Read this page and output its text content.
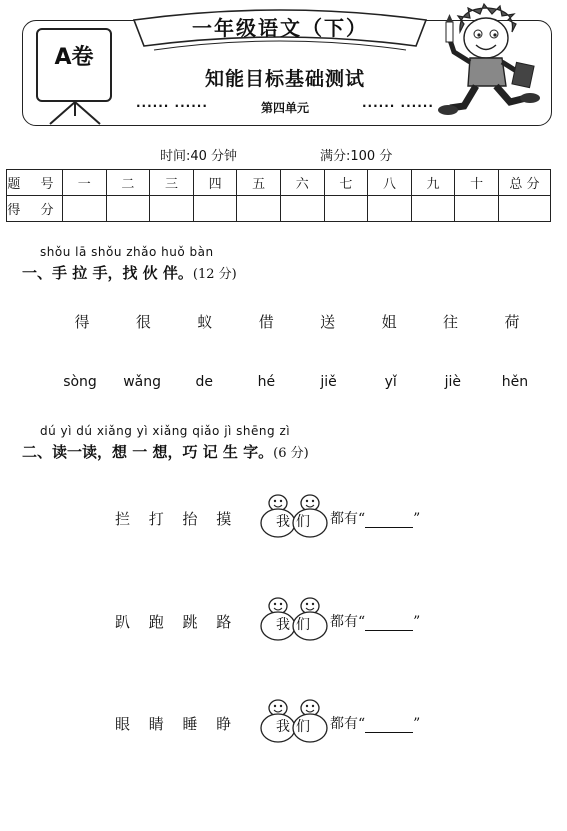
一年级语文（下）
A卷
知能目标基础测试
······ ······	第四单元	······ ······
时间:40 分钟	满分:100 分
题 号	一	二	三	四	五	六	七	八	九	十	总 分
得 分											
shǒu lā shǒu zhǎo huǒ bàn
一、手 拉 手，找 伙 伴。(12 分)
得	很	蚁	借	送	姐	往	荷
sòng	wǎng	de	hé	jiě	yǐ	jiè	hěn
dú yì dú xiǎng yì xiǎng qiǎo jì shēng zì
二、读一读，想 一 想，巧 记 生 字。(6 分)
拦 打 抬 摸	我们	都有“	”
趴 跑 跳 路	我们	都有“	”
眼 睛 睡 睁	我们	都有“	”
